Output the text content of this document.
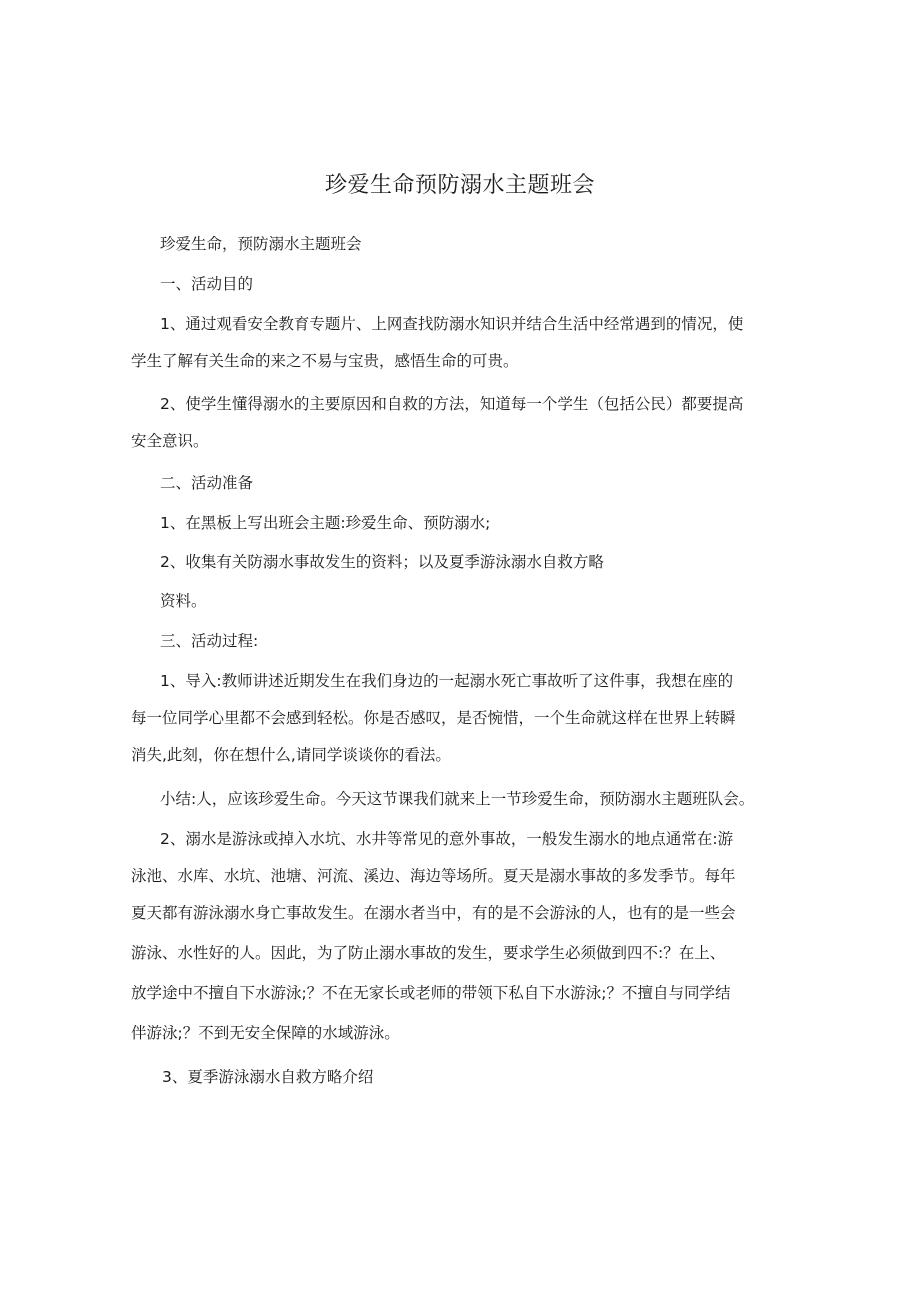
珍爱生命预防溺水主题班会
珍爱生命，预防溺水主题班会
一、活动目的
1、通过观看安全教育专题片、上网查找防溺水知识并结合生活中经常遇到的情况，使
学生了解有关生命的来之不易与宝贵，感悟生命的可贵。
2、使学生懂得溺水的主要原因和自救的方法，知道每一个学生（包括公民）都要提高
安全意识。
二、活动准备
1、在黑板上写出班会主题:珍爱生命、预防溺水;
2、收集有关防溺水事故发生的资料；以及夏季游泳溺水自救方略
资料。
三、活动过程:
1、导入:教师讲述近期发生在我们身边的一起溺水死亡事故听了这件事，我想在座的
每一位同学心里都不会感到轻松。你是否感叹，是否惋惜，一个生命就这样在世界上转瞬
消失,此刻，你在想什么,请同学谈谈你的看法。
小结:人，应该珍爱生命。今天这节课我们就来上一节珍爱生命，预防溺水主题班队会。
2、溺水是游泳或掉入水坑、水井等常见的意外事故，一般发生溺水的地点通常在:游
泳池、水库、水坑、池塘、河流、溪边、海边等场所。夏天是溺水事故的多发季节。每年
夏天都有游泳溺水身亡事故发生。在溺水者当中，有的是不会游泳的人，也有的是一些会
游泳、水性好的人。因此，为了防止溺水事故的发生，要求学生必须做到四不:？在上、
放学途中不擅自下水游泳;？不在无家长或老师的带领下私自下水游泳;？不擅自与同学结
伴游泳;？不到无安全保障的水域游泳。
3、夏季游泳溺水自救方略介绍
